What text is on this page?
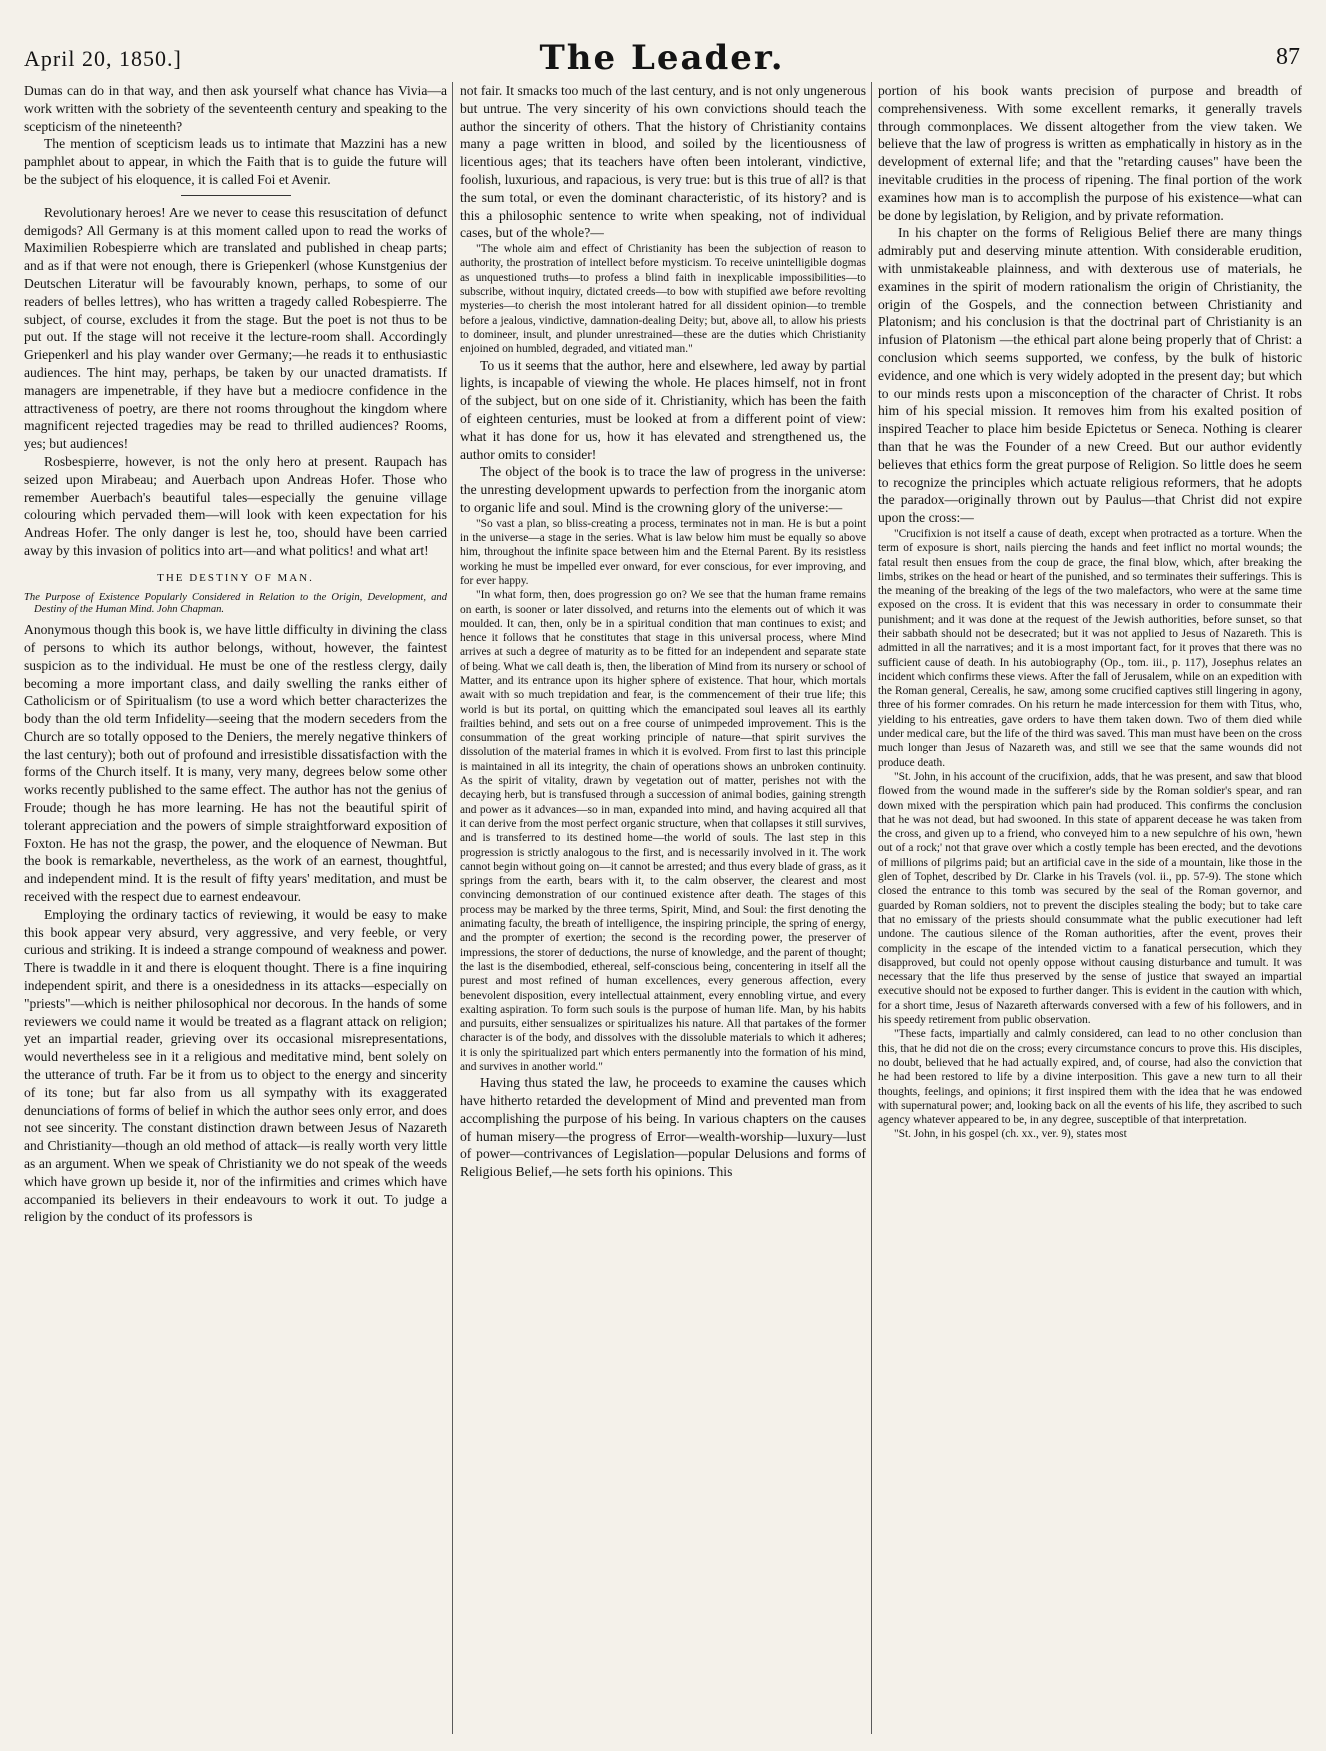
April 20, 1850.]	The Leader.	87

Dumas can do in that way, and then ask yourself what chance has Vivia—a work written with the sobriety of the seventeenth century and speaking to the scepticism of the nineteenth?

The mention of scepticism leads us to intimate that Mazzini has a new pamphlet about to appear, in which the Faith that is to guide the future will be the subject of his eloquence, it is called Foi et Avenir.

Revolutionary heroes! Are we never to cease this resuscitation of defunct demigods? All Germany is at this moment called upon to read the works of Maximilien Robespierre which are translated and published in cheap parts; and as if that were not enough, there is Griepenkerl (whose Kunstgenius der Deutschen Literatur will be favourably known, perhaps, to some of our readers of belles lettres), who has written a tragedy called Robespierre. The subject, of course, excludes it from the stage. But the poet is not thus to be put out. If the stage will not receive it the lecture-room shall. Accordingly Griepenkerl and his play wander over Germany;—he reads it to enthusiastic audiences. The hint may, perhaps, be taken by our unacted dramatists. If managers are impenetrable, if they have but a mediocre confidence in the attractiveness of poetry, are there not rooms throughout the kingdom where magnificent rejected tragedies may be read to thrilled audiences? Rooms, yes; but audiences!

Rosbespierre, however, is not the only hero at present. Raupach has seized upon Mirabeau; and Auerbach upon Andreas Hofer. Those who remember Auerbach's beautiful tales—especially the genuine village colouring which pervaded them—will look with keen expectation for his Andreas Hofer. The only danger is lest he, too, should have been carried away by this invasion of politics into art—and what politics! and what art!

THE DESTINY OF MAN.
The Purpose of Existence Popularly Considered in Relation to the Origin, Development, and Destiny of the Human Mind. John Chapman.

Anonymous though this book is, we have little difficulty in divining the class of persons to which its author belongs, without, however, the faintest suspicion as to the individual. He must be one of the restless clergy, daily becoming a more important class, and daily swelling the ranks either of Catholicism or of Spiritualism (to use a word which better characterizes the body than the old term Infidelity—seeing that the modern seceders from the Church are so totally opposed to the Deniers, the merely negative thinkers of the last century); both out of profound and irresistible dissatisfaction with the forms of the Church itself. It is many, very many, degrees below some other works recently published to the same effect. The author has not the genius of Froude; though he has more learning. He has not the beautiful spirit of tolerant appreciation and the powers of simple straightforward exposition of Foxton. He has not the grasp, the power, and the eloquence of Newman. But the book is remarkable, nevertheless, as the work of an earnest, thoughtful, and independent mind. It is the result of fifty years' meditation, and must be received with the respect due to earnest endeavour.

Employing the ordinary tactics of reviewing, it would be easy to make this book appear very absurd, very aggressive, and very feeble, or very curious and striking. It is indeed a strange compound of weakness and power. There is twaddle in it and there is eloquent thought. There is a fine inquiring independent spirit, and there is a onesidedness in its attacks—especially on "priests"—which is neither philosophical nor decorous. In the hands of some reviewers we could name it would be treated as a flagrant attack on religion; yet an impartial reader, grieving over its occasional misrepresentations, would nevertheless see in it a religious and meditative mind, bent solely on the utterance of truth. Far be it from us to object to the energy and sincerity of its tone; but far also from us all sympathy with its exaggerated denunciations of forms of belief in which the author sees only error, and does not see sincerity. The constant distinction drawn between Jesus of Nazareth and Christianity—though an old method of attack—is really worth very little as an argument. When we speak of Christianity we do not speak of the weeds which have grown up beside it, nor of the infirmities and crimes which have accompanied its believers in their endeavours to work it out. To judge a religion by the conduct of its professors is

not fair. It smacks too much of the last century, and is not only ungenerous but untrue. The very sincerity of his own convictions should teach the author the sincerity of others. That the history of Christianity contains many a page written in blood, and soiled by the licentiousness of licentious ages; that its teachers have often been intolerant, vindictive, foolish, luxurious, and rapacious, is very true: but is this true of all? is that the sum total, or even the dominant characteristic, of its history? and is this a philosophic sentence to write when speaking, not of individual cases, but of the whole?—

"The whole aim and effect of Christianity has been the subjection of reason to authority, the prostration of intellect before mysticism. To receive unintelligible dogmas as unquestioned truths—to profess a blind faith in inexplicable impossibilities—to subscribe, without inquiry, dictated creeds—to bow with stupified awe before revolting mysteries—to cherish the most intolerant hatred for all dissident opinion—to tremble before a jealous, vindictive, damnation-dealing Deity; but, above all, to allow his priests to domineer, insult, and plunder unrestrained—these are the duties which Christianity enjoined on humbled, degraded, and vitiated man."

To us it seems that the author, here and elsewhere, led away by partial lights, is incapable of viewing the whole. He places himself, not in front of the subject, but on one side of it. Christianity, which has been the faith of eighteen centuries, must be looked at from a different point of view: what it has done for us, how it has elevated and strengthened us, the author omits to consider!

The object of the book is to trace the law of progress in the universe: the unresting development upwards to perfection from the inorganic atom to organic life and soul. Mind is the crowning glory of the universe:—

"So vast a plan, so bliss-creating a process, terminates not in man. He is but a point in the universe—a stage in the series. What is law below him must be equally so above him, throughout the infinite space between him and the Eternal Parent. By its resistless working he must be impelled ever onward, for ever conscious, for ever improving, and for ever happy.

"In what form, then, does progression go on? We see that the human frame remains on earth, is sooner or later dissolved, and returns into the elements out of which it was moulded. It can, then, only be in a spiritual condition that man continues to exist; and hence it follows that he constitutes that stage in this universal process, where Mind arrives at such a degree of maturity as to be fitted for an independent and separate state of being. What we call death is, then, the liberation of Mind from its nursery or school of Matter, and its entrance upon its higher sphere of existence. That hour, which mortals await with so much trepidation and fear, is the commencement of their true life; this world is but its portal, on quitting which the emancipated soul leaves all its earthly frailties behind, and sets out on a free course of unimpeded improvement. This is the consummation of the great working principle of nature—that spirit survives the dissolution of the material frames in which it is evolved. From first to last this principle is maintained in all its integrity, the chain of operations shows an unbroken continuity. As the spirit of vitality, drawn by vegetation out of matter, perishes not with the decaying herb, but is transfused through a succession of animal bodies, gaining strength and power as it advances—so in man, expanded into mind, and having acquired all that it can derive from the most perfect organic structure, when that collapses it still survives, and is transferred to its destined home—the world of souls. The last step in this progression is strictly analogous to the first, and is necessarily involved in it. The work cannot begin without going on—it cannot be arrested; and thus every blade of grass, as it springs from the earth, bears with it, to the calm observer, the clearest and most convincing demonstration of our continued existence after death. The stages of this process may be marked by the three terms, Spirit, Mind, and Soul: the first denoting the animating faculty, the breath of intelligence, the inspiring principle, the spring of energy, and the prompter of exertion; the second is the recording power, the preserver of impressions, the storer of deductions, the nurse of knowledge, and the parent of thought; the last is the disembodied, ethereal, self-conscious being, concentering in itself all the purest and most refined of human excellences, every generous affection, every benevolent disposition, every intellectual attainment, every ennobling virtue, and every exalting aspiration. To form such souls is the purpose of human life. Man, by his habits and pursuits, either sensualizes or spiritualizes his nature. All that partakes of the former character is of the body, and dissolves with the dissoluble materials to which it adheres; it is only the spiritualized part which enters permanently into the formation of his mind, and survives in another world."

Having thus stated the law, he proceeds to examine the causes which have hitherto retarded the development of Mind and prevented man from accomplishing the purpose of his being. In various chapters on the causes of human misery—the progress of Error—wealth-worship—luxury—lust of power—contrivances of Legislation—popular Delusions and forms of Religious Belief,—he sets forth his opinions. This

portion of his book wants precision of purpose and breadth of comprehensiveness. With some excellent remarks, it generally travels through commonplaces. We dissent altogether from the view taken. We believe that the law of progress is written as emphatically in history as in the development of external life; and that the "retarding causes" have been the inevitable crudities in the process of ripening. The final portion of the work examines how man is to accomplish the purpose of his existence—what can be done by legislation, by Religion, and by private reformation.

In his chapter on the forms of Religious Belief there are many things admirably put and deserving minute attention. With considerable erudition, with unmistakeable plainness, and with dexterous use of materials, he examines in the spirit of modern rationalism the origin of Christianity, the origin of the Gospels, and the connection between Christianity and Platonism; and his conclusion is that the doctrinal part of Christianity is an infusion of Platonism —the ethical part alone being properly that of Christ: a conclusion which seems supported, we confess, by the bulk of historic evidence, and one which is very widely adopted in the present day; but which to our minds rests upon a misconception of the character of Christ. It robs him of his special mission. It removes him from his exalted position of inspired Teacher to place him beside Epictetus or Seneca. Nothing is clearer than that he was the Founder of a new Creed. But our author evidently believes that ethics form the great purpose of Religion. So little does he seem to recognize the principles which actuate religious reformers, that he adopts the paradox—originally thrown out by Paulus—that Christ did not expire upon the cross:—

"Crucifixion is not itself a cause of death, except when protracted as a torture. When the term of exposure is short, nails piercing the hands and feet inflict no mortal wounds; the fatal result then ensues from the coup de grace, the final blow, which, after breaking the limbs, strikes on the head or heart of the punished, and so terminates their sufferings. This is the meaning of the breaking of the legs of the two malefactors, who were at the same time exposed on the cross. It is evident that this was necessary in order to consummate their punishment; and it was done at the request of the Jewish authorities, before sunset, so that their sabbath should not be desecrated; but it was not applied to Jesus of Nazareth. This is admitted in all the narratives; and it is a most important fact, for it proves that there was no sufficient cause of death. In his autobiography (Op., tom. iii., p. 117), Josephus relates an incident which confirms these views. After the fall of Jerusalem, while on an expedition with the Roman general, Cerealis, he saw, among some crucified captives still lingering in agony, three of his former comrades. On his return he made intercession for them with Titus, who, yielding to his entreaties, gave orders to have them taken down. Two of them died while under medical care, but the life of the third was saved. This man must have been on the cross much longer than Jesus of Nazareth was, and still we see that the same wounds did not produce death.

"St. John, in his account of the crucifixion, adds, that he was present, and saw that blood flowed from the wound made in the sufferer's side by the Roman soldier's spear, and ran down mixed with the perspiration which pain had produced. This confirms the conclusion that he was not dead, but had swooned. In this state of apparent decease he was taken from the cross, and given up to a friend, who conveyed him to a new sepulchre of his own, 'hewn out of a rock;' not that grave over which a costly temple has been erected, and the devotions of millions of pilgrims paid; but an artificial cave in the side of a mountain, like those in the glen of Tophet, described by Dr. Clarke in his Travels (vol. ii., pp. 57-9). The stone which closed the entrance to this tomb was secured by the seal of the Roman governor, and guarded by Roman soldiers, not to prevent the disciples stealing the body; but to take care that no emissary of the priests should consummate what the public executioner had left undone. The cautious silence of the Roman authorities, after the event, proves their complicity in the escape of the intended victim to a fanatical persecution, which they disapproved, but could not openly oppose without causing disturbance and tumult. It was necessary that the life thus preserved by the sense of justice that swayed an impartial executive should not be exposed to further danger. This is evident in the caution with which, for a short time, Jesus of Nazareth afterwards conversed with a few of his followers, and in his speedy retirement from public observation.

"These facts, impartially and calmly considered, can lead to no other conclusion than this, that he did not die on the cross; every circumstance concurs to prove this. His disciples, no doubt, believed that he had actually expired, and, of course, had also the conviction that he had been restored to life by a divine interposition. This gave a new turn to all their thoughts, feelings, and opinions; it first inspired them with the idea that he was endowed with supernatural power; and, looking back on all the events of his life, they ascribed to such agency whatever appeared to be, in any degree, susceptible of that interpretation.

"St. John, in his gospel (ch. xx., ver. 9), states most
